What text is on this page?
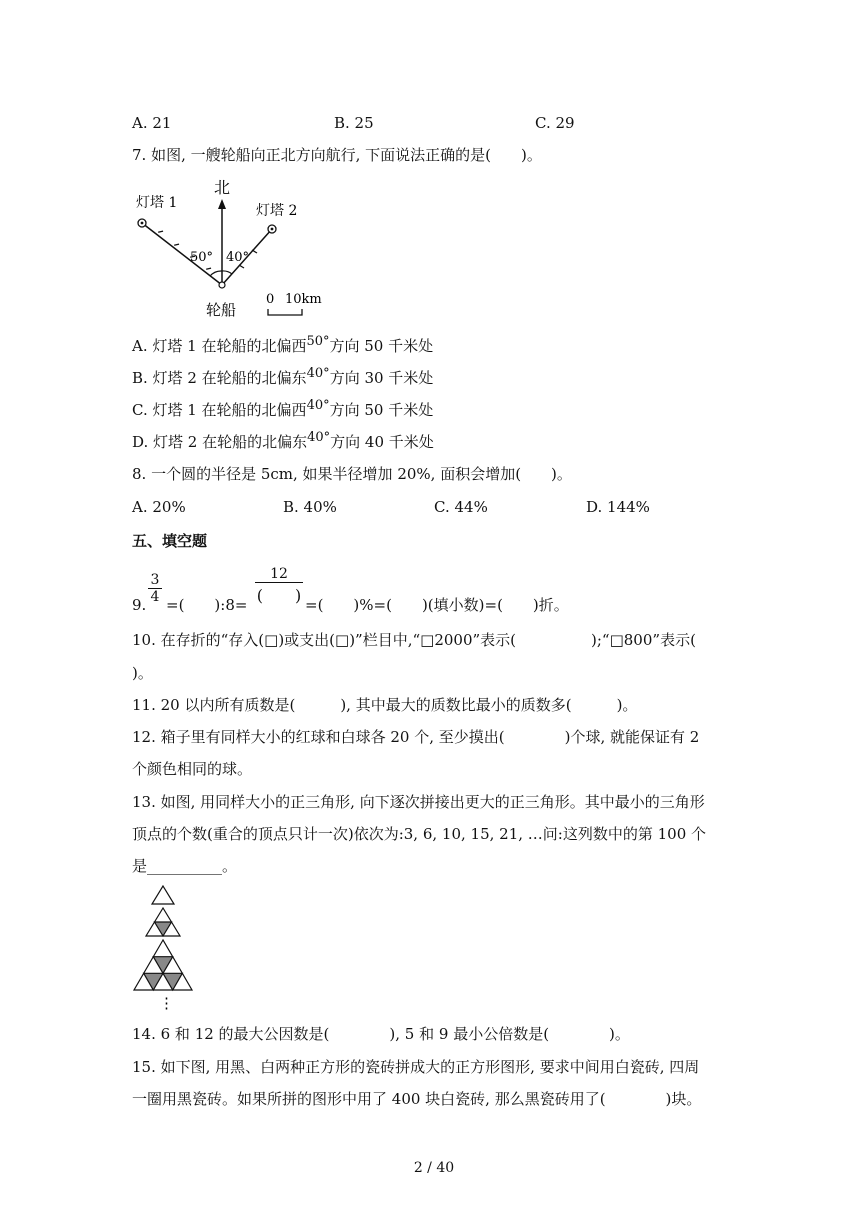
A. 21	B. 25	C. 29
7. 如图, 一艘轮船向正北方向航行, 下面说法正确的是(　　)。
北
灯塔 1	灯塔 2
50° 40°
轮船
0 10km
A. 灯塔 1 在轮船的北偏西50°方向 50 千米处
B. 灯塔 2 在轮船的北偏东40°方向 30 千米处
C. 灯塔 1 在轮船的北偏西40°方向 50 千米处
D. 灯塔 2 在轮船的北偏东40°方向 40 千米处
8. 一个圆的半径是 5cm, 如果半径增加 20%, 面积会增加(　　)。
A. 20%	B. 40%	C. 44%	D. 144%
五、填空题
9.
3
4 =(　　):8=
12
(　　) =(　　)%=(　　)(填小数)=(　　)折。
10. 在存折的“存入(□)或支出(□)”栏目中,“□2000”表示(　　　　　);“□800”表示(
)。
11. 20 以内所有质数是(　　　), 其中最大的质数比最小的质数多(　　　)。
12. 箱子里有同样大小的红球和白球各 20 个, 至少摸出(　　　　)个球, 就能保证有 2
个颜色相同的球。
13. 如图, 用同样大小的正三角形, 向下逐次拼接出更大的正三角形。其中最小的三角形
顶点的个数(重合的顶点只计一次)依次为:3, 6, 10, 15, 21, …问:这列数中的第 100 个
是__________。
⋮
14. 6 和 12 的最大公因数是(　　　　), 5 和 9 最小公倍数是(　　　　)。
15. 如下图, 用黑、白两种正方形的瓷砖拼成大的正方形图形, 要求中间用白瓷砖, 四周
一圈用黑瓷砖。如果所拼的图形中用了 400 块白瓷砖, 那么黑瓷砖用了(　　　　)块。
2 / 40
